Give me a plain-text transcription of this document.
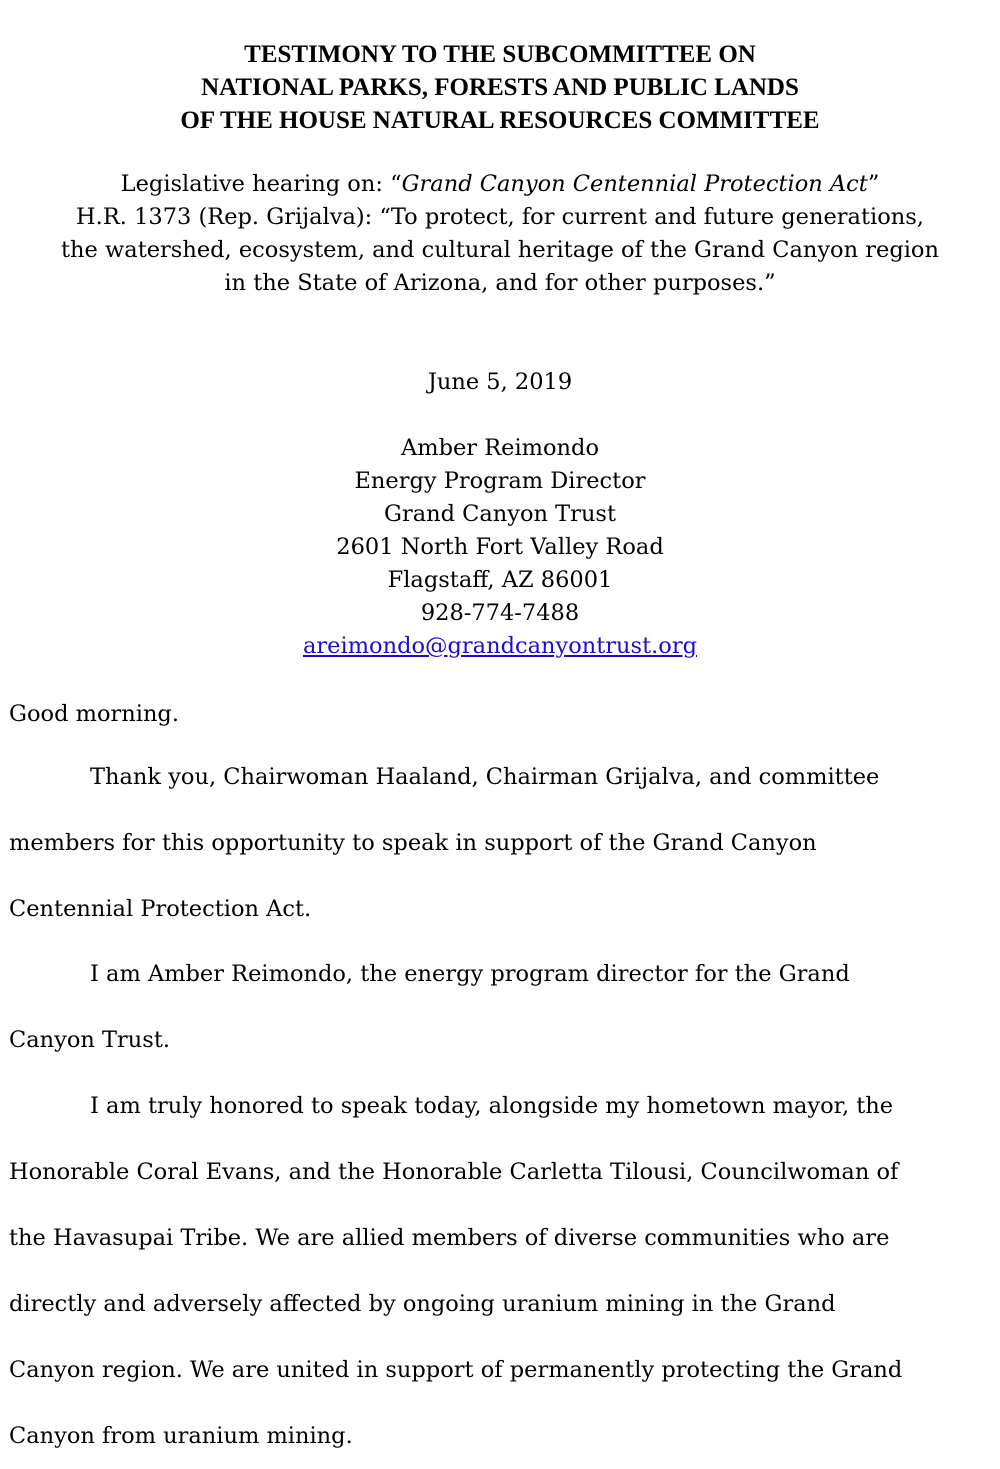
TESTIMONY TO THE SUBCOMMITTEE ON
NATIONAL PARKS, FORESTS AND PUBLIC LANDS
OF THE HOUSE NATURAL RESOURCES COMMITTEE
Legislative hearing on: “Grand Canyon Centennial Protection Act”
H.R. 1373 (Rep. Grijalva): “To protect, for current and future generations,
the watershed, ecosystem, and cultural heritage of the Grand Canyon region
in the State of Arizona, and for other purposes.”
June 5, 2019
Amber Reimondo
Energy Program Director
Grand Canyon Trust
2601 North Fort Valley Road
Flagstaff, AZ 86001
928-774-7488
areimondo@grandcanyontrust.org
Good morning.
Thank you, Chairwoman Haaland, Chairman Grijalva, and committee
members for this opportunity to speak in support of the Grand Canyon
Centennial Protection Act.
I am Amber Reimondo, the energy program director for the Grand
Canyon Trust.
I am truly honored to speak today, alongside my hometown mayor, the
Honorable Coral Evans, and the Honorable Carletta Tilousi, Councilwoman of
the Havasupai Tribe. We are allied members of diverse communities who are
directly and adversely affected by ongoing uranium mining in the Grand
Canyon region. We are united in support of permanently protecting the Grand
Canyon from uranium mining.
